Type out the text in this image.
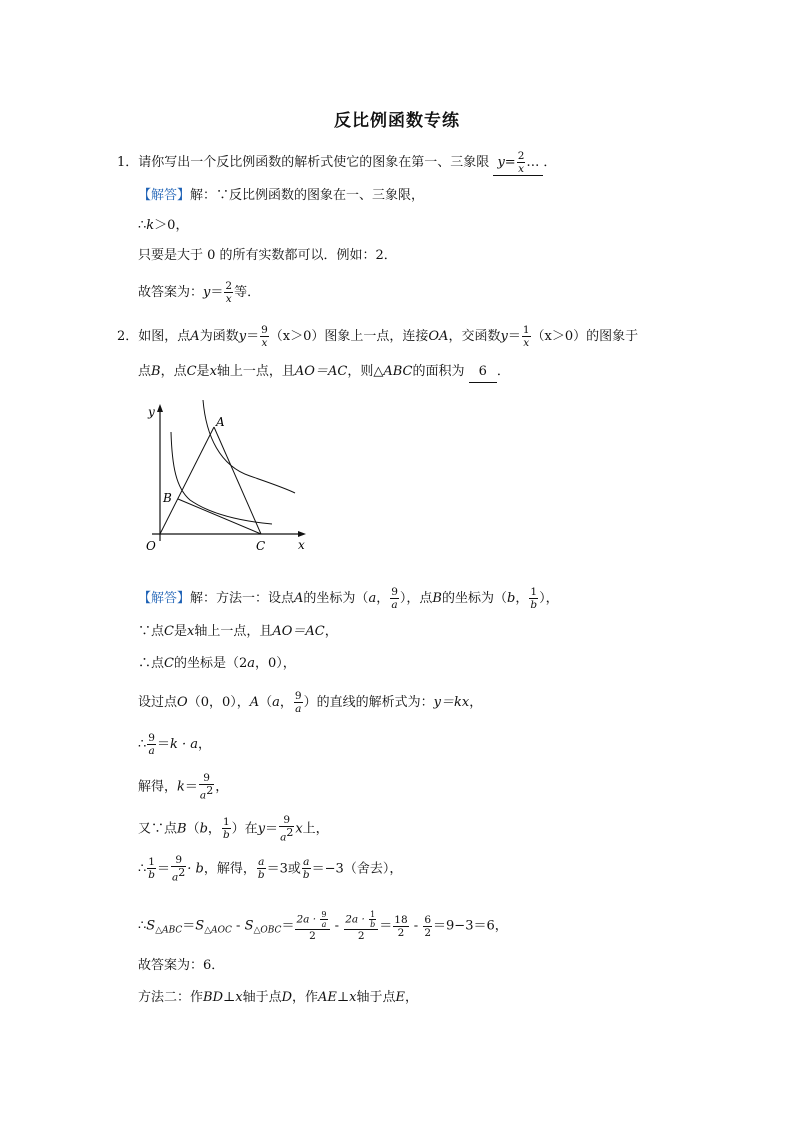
反比例函数专练
1．请你写出一个反比例函数的解析式使它的图象在第一、三象限 $y= \frac{2}{x}$ … ．
【解答】解：∵反比例函数的图象在一、三象限，
∴k＞0，
只要是大于 0 的所有实数都可以．例如：2．
故答案为：$y= \frac{2}{x}$ 等．
2．如图，点A为函数$y= \frac{9}{x} (x>0)$图象上一点，连接OA，交函数$y= \frac{1}{x} (x>0)$的图象于
点B，点C是x轴上一点，且AO＝AC，则△ABC的面积为 6 ．
y
x
O
A
B
C
【解答】解：方法一：设点A的坐标为（a， $\frac{9}{a}$ ），点B的坐标为（b， $\frac{1}{b}$ ），
∵点C是x轴上一点，且AO＝AC，
∴点C的坐标是（2a，0），
设过点O（0，0），A（a， $\frac{9}{a}$ ）的直线的解析式为：y＝kx，
∴ $\frac{9}{a} =k \cdot a$，
解得，$k= \frac{9}{a^2}$ ，
又∵点B（b， $\frac{1}{b}$ ）在$y= \frac{9}{a^2}$ x上，
∴ $\frac{1}{b} = \frac{9}{a^2} \cdot b$，解得， $\frac{a}{b} =3$或 $\frac{a}{b} =-3$（舍去），
$\therefore S_{\triangle ABC}=S_{\triangle AOC} - S_{\triangle OBC}= \frac{2a \cdot \frac{9}{a}}{2} - \frac{2a \cdot \frac{1}{b}}{2} = \frac{18}{2} - \frac{6}{2} =9-3=6$，
故答案为：6．
方法二：作BD⊥x轴于点D，作AE⊥x轴于点E，
